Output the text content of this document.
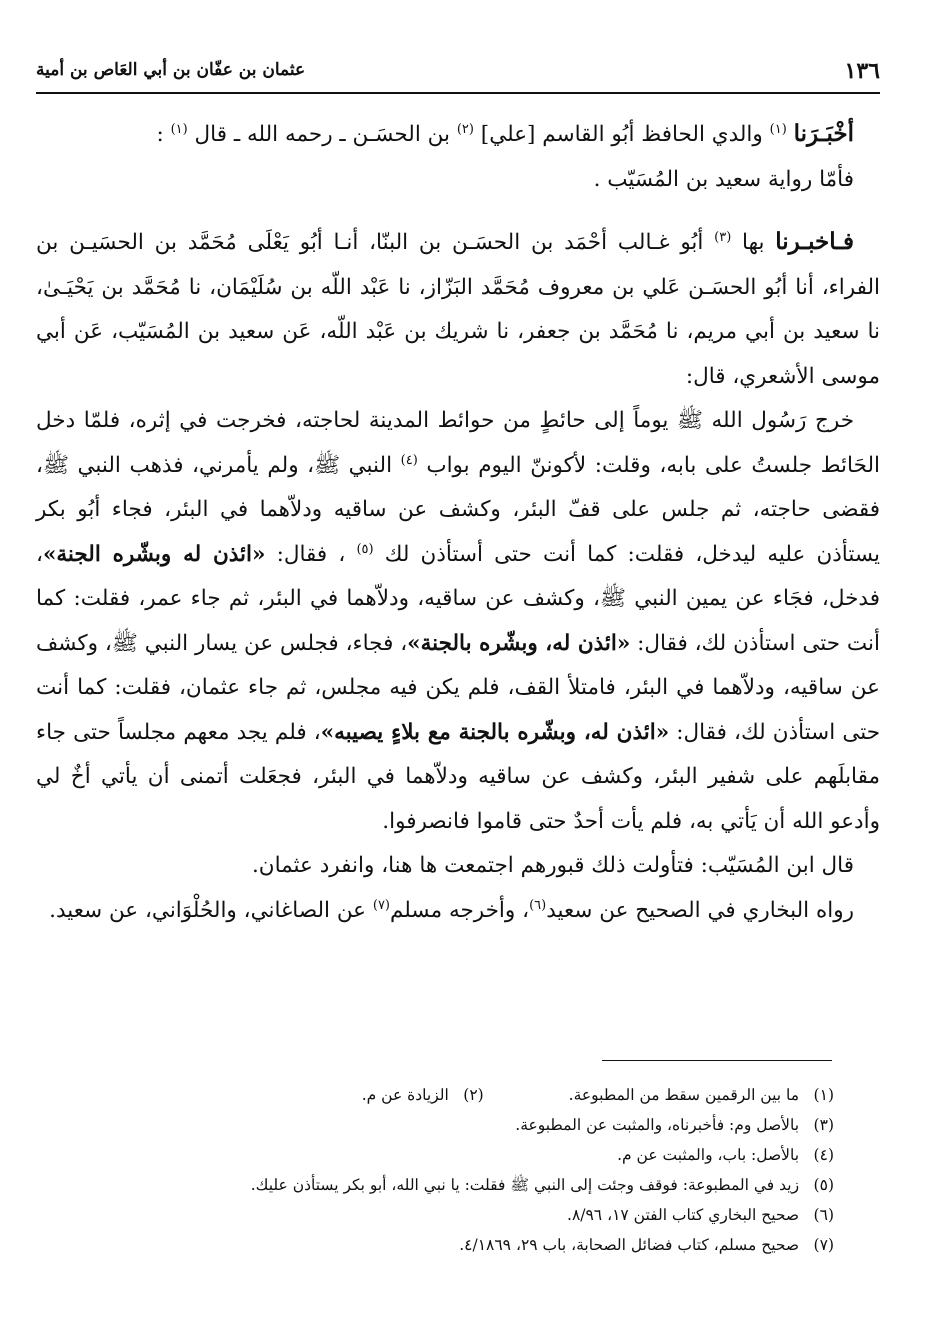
١٣٦
عثمان بن عفّان بن أبي العَاص بن أمية

أخْبَـرَنا $^{(١)}$ والدي الحافظ أبُو القاسم [علي] $^{(٢)}$ بن الحسَـن ـ رحمه الله ـ قال $^{(١)}$ :

فأمّا رواية سعيد بن المُسَيّب .

فـاخبـرنا بها $^{(٣)}$ أبُو غـالب أحْمَد بن الحسَـن بن البنّا، أنـا أبُو يَعْلَى مُحَمَّد بن الحسَيـن بن الفراء، أنا أبُو الحسَـن عَلي بن معروف مُحَمَّد البَزّاز، نا عَبْد اللّه بن سُلَيْمَان، نا مُحَمَّد بن يَحْيَـىٰ، نا سعيد بن أبي مريم، نا مُحَمَّد بن جعفر، نا شريك بن عَبْد اللّه، عَن سعيد بن المُسَيّب، عَن أبي موسى الأشعري، قال:

خرج رَسُول الله ﷺ يوماً إلى حائطٍ من حوائط المدينة لحاجته، فخرجت في إثره، فلمّا دخل الحَائط جلستُ على بابه، وقلت: لأكوننّ اليوم بواب $^{(٤)}$ النبي ﷺ، ولم يأمرني، فذهب النبي ﷺ، فقضى حاجته، ثم جلس على قفّ البئر، وكشف عن ساقيه ودلاّهما في البئر، فجاء أبُو بكر يستأذن عليه ليدخل، فقلت: كما أنت حتى أستأذن لك $^{(٥)}$ ، فقال: «ائذن له وبشّره الجنة»، فدخل، فجَاء عن يمين النبي ﷺ، وكشف عن ساقيه، ودلاّهما في البئر، ثم جاء عمر، فقلت: كما أنت حتى استأذن لك، فقال: «ائذن له، وبشّره بالجنة»، فجاء، فجلس عن يسار النبي ﷺ، وكشف عن ساقيه، ودلاّهما في البئر، فامتلأ القف، فلم يكن فيه مجلس، ثم جاء عثمان، فقلت: كما أنت حتى استأذن لك، فقال: «ائذن له، وبشّره بالجنة مع بلاءٍ يصيبه»، فلم يجد معهم مجلساً حتى جاء مقابلَهم على شفير البئر، وكشف عن ساقيه ودلاّهما في البئر، فجعَلت أتمنى أن يأتي أخٌ لي وأدعو الله أن يَأتي به، فلم يأت أحدٌ حتى قاموا فانصرفوا.

قال ابن المُسَيّب: فتأولت ذلك قبورهم اجتمعت ها هنا، وانفرد عثمان.

رواه البخاري في الصحيح عن سعيد$^{(٦)}$، وأخرجه مسلم$^{(٧)}$ عن الصاغاني، والحُلْوَاني، عن سعيد.

(١) ما بين الرقمين سقط من المطبوعة. (٢) الزيادة عن م.
(٣) بالأصل وم: فأخبرناه، والمثبت عن المطبوعة.
(٤) بالأصل: باب، والمثبت عن م.
(٥) زيد في المطبوعة: فوقف وجئت إلى النبي ﷺ فقلت: يا نبي الله، أبو بكر يستأذن عليك.
(٦) صحيح البخاري كتاب الفتن ١٧، ٨/٩٦.
(٧) صحيح مسلم، كتاب فضائل الصحابة، باب ٢٩، ٤/١٨٦٩.
